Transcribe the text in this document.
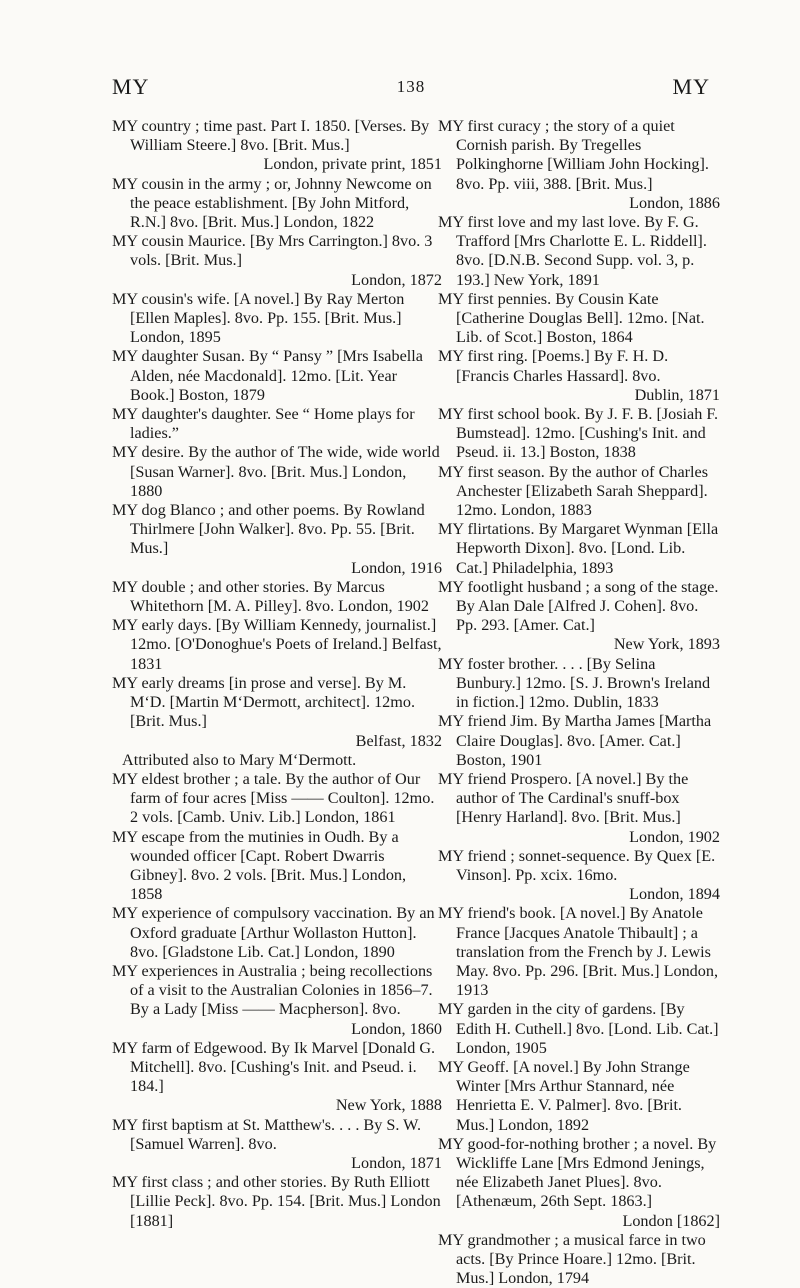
MY	138	MY

MY country ; time past. Part I. 1850. [Verses. By William Steere.] 8vo. [Brit. Mus.]
London, private print, 1851

MY cousin in the army ; or, Johnny Newcome on the peace establishment. [By John Mitford, R.N.] 8vo. [Brit. Mus.] London, 1822

MY cousin Maurice. [By Mrs Carrington.] 8vo. 3 vols. [Brit. Mus.]
London, 1872

MY cousin's wife. [A novel.] By Ray Merton [Ellen Maples]. 8vo. Pp. 155. [Brit. Mus.] London, 1895

MY daughter Susan. By “ Pansy ” [Mrs Isabella Alden, née Macdonald]. 12mo. [Lit. Year Book.] Boston, 1879

MY daughter's daughter. See “ Home plays for ladies.”

MY desire. By the author of The wide, wide world [Susan Warner]. 8vo. [Brit. Mus.] London, 1880

MY dog Blanco ; and other poems. By Rowland Thirlmere [John Walker]. 8vo. Pp. 55. [Brit. Mus.]
London, 1916

MY double ; and other stories. By Marcus Whitethorn [M. A. Pilley]. 8vo. London, 1902

MY early days. [By William Kennedy, journalist.] 12mo. [O'Donoghue's Poets of Ireland.] Belfast, 1831

MY early dreams [in prose and verse]. By M. M‘D. [Martin M‘Dermott, architect]. 12mo. [Brit. Mus.]
Belfast, 1832

Attributed also to Mary M‘Dermott.

MY eldest brother ; a tale. By the author of Our farm of four acres [Miss —— Coulton]. 12mo. 2 vols. [Camb. Univ. Lib.] London, 1861

MY escape from the mutinies in Oudh. By a wounded officer [Capt. Robert Dwarris Gibney]. 8vo. 2 vols. [Brit. Mus.] London, 1858

MY experience of compulsory vaccination. By an Oxford graduate [Arthur Wollaston Hutton]. 8vo. [Gladstone Lib. Cat.] London, 1890

MY experiences in Australia ; being recollections of a visit to the Australian Colonies in 1856–7. By a Lady [Miss —— Macpherson]. 8vo.
London, 1860

MY farm of Edgewood. By Ik Marvel [Donald G. Mitchell]. 8vo. [Cushing's Init. and Pseud. i. 184.]
New York, 1888

MY first baptism at St. Matthew's. . . . By S. W. [Samuel Warren]. 8vo.
London, 1871

MY first class ; and other stories. By Ruth Elliott [Lillie Peck]. 8vo. Pp. 154. [Brit. Mus.] London [1881]

MY first curacy ; the story of a quiet Cornish parish. By Tregelles Polkinghorne [William John Hocking]. 8vo. Pp. viii, 388. [Brit. Mus.]
London, 1886

MY first love and my last love. By F. G. Trafford [Mrs Charlotte E. L. Riddell]. 8vo. [D.N.B. Second Supp. vol. 3, p. 193.] New York, 1891

MY first pennies. By Cousin Kate [Catherine Douglas Bell]. 12mo. [Nat. Lib. of Scot.] Boston, 1864

MY first ring. [Poems.] By F. H. D. [Francis Charles Hassard]. 8vo.
Dublin, 1871

MY first school book. By J. F. B. [Josiah F. Bumstead]. 12mo. [Cushing's Init. and Pseud. ii. 13.] Boston, 1838

MY first season. By the author of Charles Anchester [Elizabeth Sarah Sheppard]. 12mo. London, 1883

MY flirtations. By Margaret Wynman [Ella Hepworth Dixon]. 8vo. [Lond. Lib. Cat.] Philadelphia, 1893

MY footlight husband ; a song of the stage. By Alan Dale [Alfred J. Cohen]. 8vo. Pp. 293. [Amer. Cat.]
New York, 1893

MY foster brother. . . . [By Selina Bunbury.] 12mo. [S. J. Brown's Ireland in fiction.] 12mo. Dublin, 1833

MY friend Jim. By Martha James [Martha Claire Douglas]. 8vo. [Amer. Cat.] Boston, 1901

MY friend Prospero. [A novel.] By the author of The Cardinal's snuff-box [Henry Harland]. 8vo. [Brit. Mus.]
London, 1902

MY friend ; sonnet-sequence. By Quex [E. Vinson]. Pp. xcix. 16mo.
London, 1894

MY friend's book. [A novel.] By Anatole France [Jacques Anatole Thibault] ; a translation from the French by J. Lewis May. 8vo. Pp. 296. [Brit. Mus.] London, 1913

MY garden in the city of gardens. [By Edith H. Cuthell.] 8vo. [Lond. Lib. Cat.] London, 1905

MY Geoff. [A novel.] By John Strange Winter [Mrs Arthur Stannard, née Henrietta E. V. Palmer]. 8vo. [Brit. Mus.] London, 1892

MY good-for-nothing brother ; a novel. By Wickliffe Lane [Mrs Edmond Jenings, née Elizabeth Janet Plues]. 8vo. [Athenæum, 26th Sept. 1863.]
London [1862]

MY grandmother ; a musical farce in two acts. [By Prince Hoare.] 12mo. [Brit. Mus.] London, 1794
